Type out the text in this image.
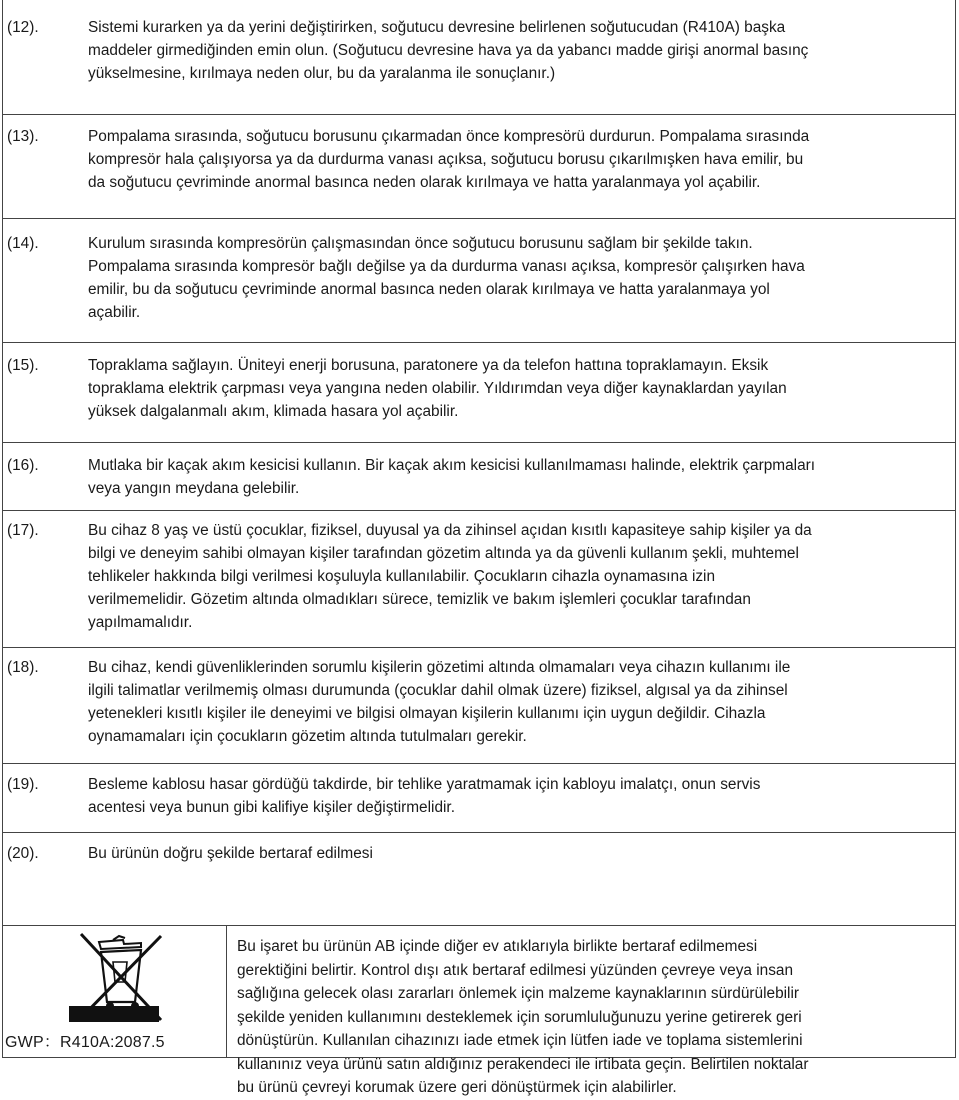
(12).	Sistemi kurarken ya da yerini değiştirirken, soğutucu devresine belirlenen soğutucudan (R410A) başka
maddeler girmediğinden emin olun. (Soğutucu devresine hava ya da yabancı madde girişi anormal basınç
yükselmesine, kırılmaya neden olur, bu da yaralanma ile sonuçlanır.)
(13).	Pompalama sırasında, soğutucu borusunu çıkarmadan önce kompresörü durdurun. Pompalama sırasında
kompresör hala çalışıyorsa ya da durdurma vanası açıksa, soğutucu borusu çıkarılmışken hava emilir, bu
da soğutucu çevriminde anormal basınca neden olarak kırılmaya ve hatta yaralanmaya yol açabilir.
(14).	Kurulum sırasında kompresörün çalışmasından önce soğutucu borusunu sağlam bir şekilde takın.
Pompalama sırasında kompresör bağlı değilse ya da durdurma vanası açıksa, kompresör çalışırken hava
emilir, bu da soğutucu çevriminde anormal basınca neden olarak kırılmaya ve hatta yaralanmaya yol
açabilir.
(15).	Topraklama sağlayın. Üniteyi enerji borusuna, paratonere ya da telefon hattına topraklamayın. Eksik
topraklama elektrik çarpması veya yangına neden olabilir. Yıldırımdan veya diğer kaynaklardan yayılan
yüksek dalgalanmalı akım, klimada hasara yol açabilir.
(16).	Mutlaka bir kaçak akım kesicisi kullanın. Bir kaçak akım kesicisi kullanılmaması halinde, elektrik çarpmaları
veya yangın meydana gelebilir.
(17).	Bu cihaz 8 yaş ve üstü çocuklar, fiziksel, duyusal ya da zihinsel açıdan kısıtlı kapasiteye sahip kişiler ya da
bilgi ve deneyim sahibi olmayan kişiler tarafından gözetim altında ya da güvenli kullanım şekli, muhtemel
tehlikeler hakkında bilgi verilmesi koşuluyla kullanılabilir. Çocukların cihazla oynamasına izin
verilmemelidir. Gözetim altında olmadıkları sürece, temizlik ve bakım işlemleri çocuklar tarafından
yapılmamalıdır.
(18).	Bu cihaz, kendi güvenliklerinden sorumlu kişilerin gözetimi altında olmamaları veya cihazın kullanımı ile
ilgili talimatlar verilmemiş olması durumunda (çocuklar dahil olmak üzere) fiziksel, algısal ya da zihinsel
yetenekleri kısıtlı kişiler ile deneyimi ve bilgisi olmayan kişilerin kullanımı için uygun değildir. Cihazla
oynamamaları için çocukların gözetim altında tutulmaları gerekir.
(19).	Besleme kablosu hasar gördüğü takdirde, bir tehlike yaratmamak için kabloyu imalatçı, onun servis
acentesi veya bunun gibi kalifiye kişiler değiştirmelidir.
(20).	Bu ürünün doğru şekilde bertaraf edilmesi
GWP：R410A:2087.5
Bu işaret bu ürünün AB içinde diğer ev atıklarıyla birlikte bertaraf edilmemesi
gerektiğini belirtir. Kontrol dışı atık bertaraf edilmesi yüzünden çevreye veya insan
sağlığına gelecek olası zararları önlemek için malzeme kaynaklarının sürdürülebilir
şekilde yeniden kullanımını desteklemek için sorumluluğunuzu yerine getirerek geri
dönüştürün. Kullanılan cihazınızı iade etmek için lütfen iade ve toplama sistemlerini
kullanınız veya ürünü satın aldığınız perakendeci ile irtibata geçin. Belirtilen noktalar
bu ürünü çevreyi korumak üzere geri dönüştürmek için alabilirler.
